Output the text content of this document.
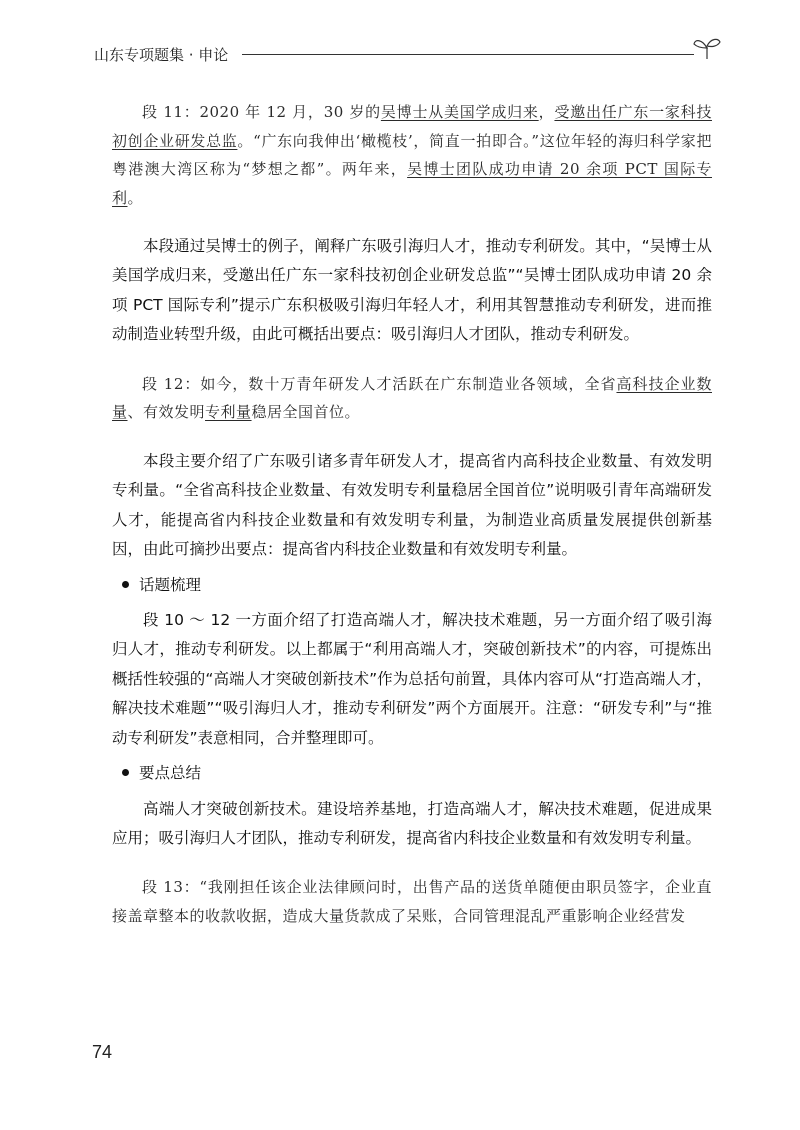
山东专项题集 · 申论

段 11：2020 年 12 月，30 岁的吴博士从美国学成归来，受邀出任广东一家科技初创企业研发总监。“广东向我伸出‘橄榄枝’，简直一拍即合。”这位年轻的海归科学家把粤港澳大湾区称为“梦想之都”。两年来，吴博士团队成功申请 20 余项 PCT 国际专利。

本段通过吴博士的例子，阐释广东吸引海归人才，推动专利研发。其中，“吴博士从美国学成归来，受邀出任广东一家科技初创企业研发总监”“吴博士团队成功申请 20 余项 PCT 国际专利”提示广东积极吸引海归年轻人才，利用其智慧推动专利研发，进而推动制造业转型升级，由此可概括出要点：吸引海归人才团队，推动专利研发。

段 12：如今，数十万青年研发人才活跃在广东制造业各领域，全省高科技企业数量、有效发明专利量稳居全国首位。

本段主要介绍了广东吸引诸多青年研发人才，提高省内高科技企业数量、有效发明专利量。“全省高科技企业数量、有效发明专利量稳居全国首位”说明吸引青年高端研发人才，能提高省内科技企业数量和有效发明专利量，为制造业高质量发展提供创新基因，由此可摘抄出要点：提高省内科技企业数量和有效发明专利量。

话题梳理

段 10 ～ 12 一方面介绍了打造高端人才，解决技术难题，另一方面介绍了吸引海归人才，推动专利研发。以上都属于“利用高端人才，突破创新技术”的内容，可提炼出概括性较强的“高端人才突破创新技术”作为总括句前置，具体内容可从“打造高端人才，解决技术难题”“吸引海归人才，推动专利研发”两个方面展开。注意：“研发专利”与“推动专利研发”表意相同，合并整理即可。

要点总结

高端人才突破创新技术。建设培养基地，打造高端人才，解决技术难题，促进成果应用；吸引海归人才团队，推动专利研发，提高省内科技企业数量和有效发明专利量。

段 13：“我刚担任该企业法律顾问时，出售产品的送货单随便由职员签字，企业直接盖章整本的收款收据，造成大量货款成了呆账，合同管理混乱严重影响企业经营发

74
